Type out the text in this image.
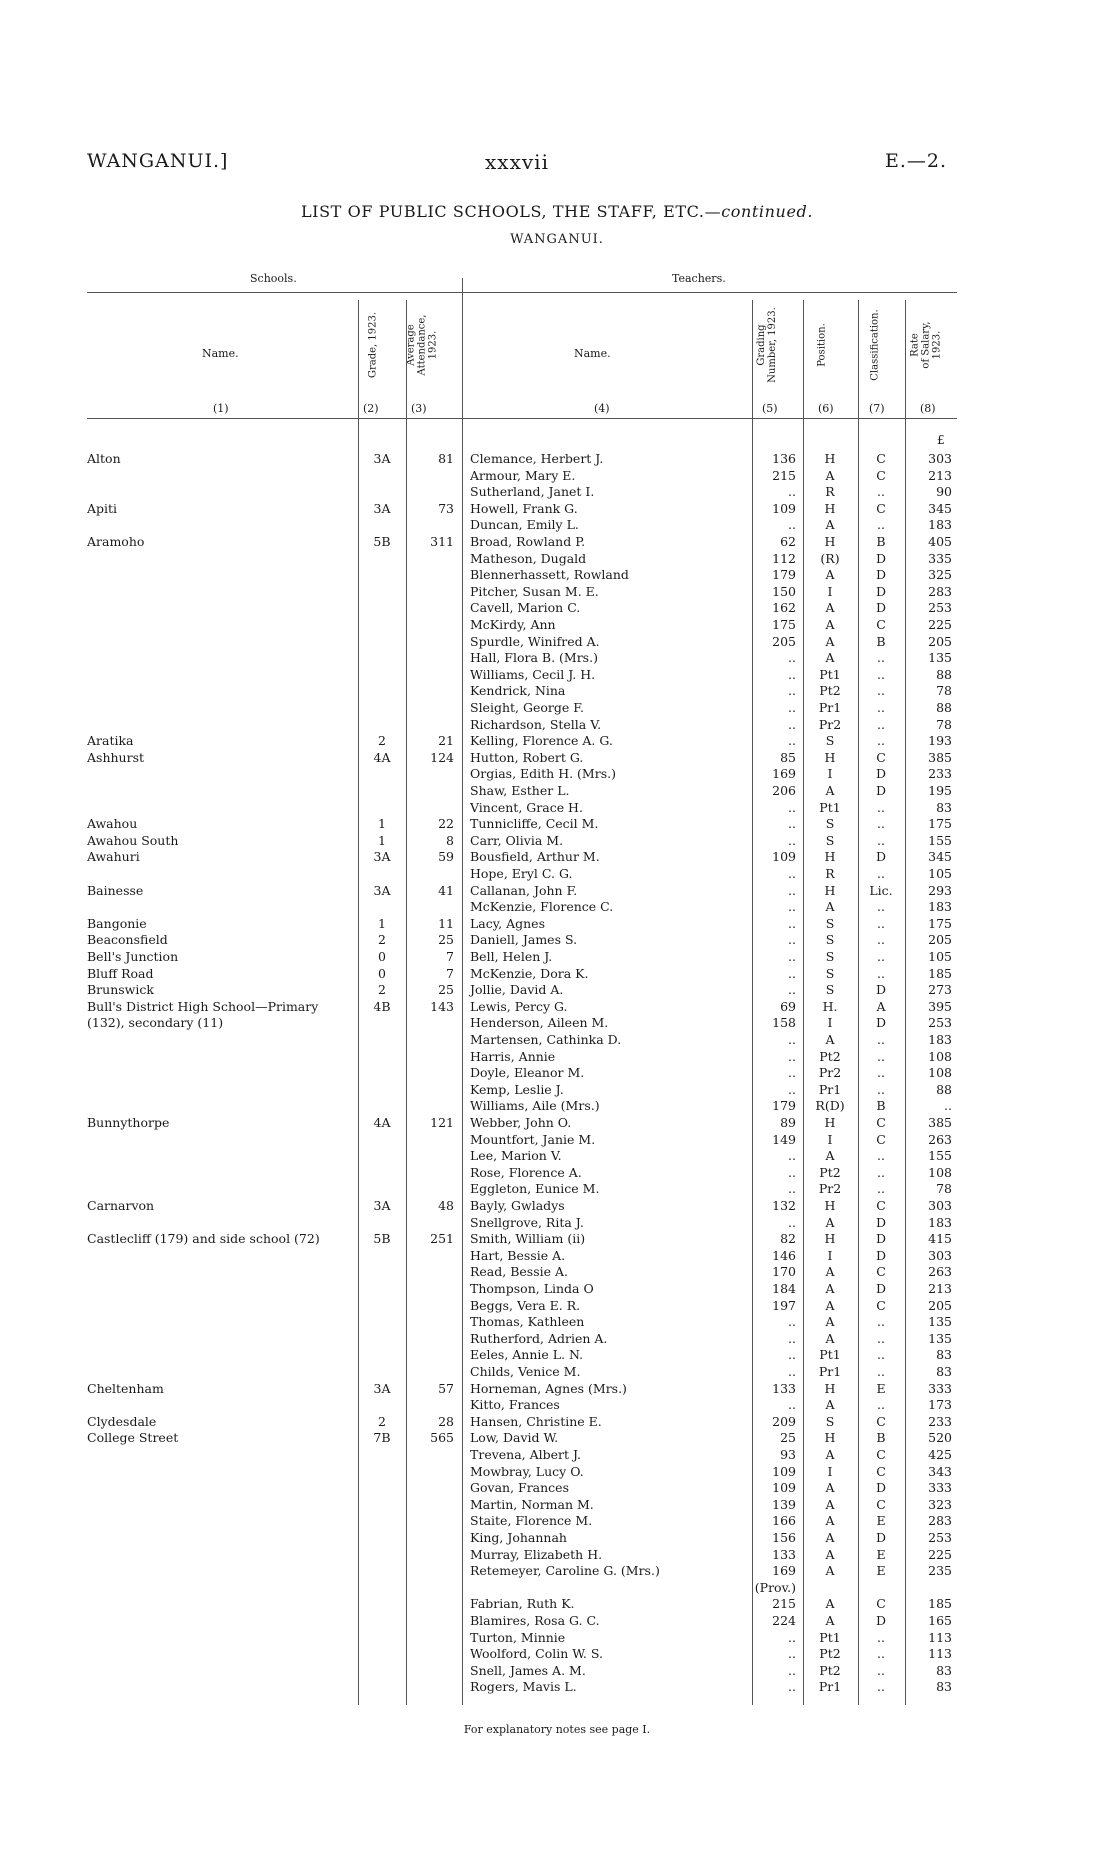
WANGANUI.]	xxxvii	E.—2.
LIST OF PUBLIC SCHOOLS, THE STAFF, ETC.—continued.
WANGANUI.
Schools.	Teachers.
Name.	Grade, 1923.	Average Attendance, 1923.	Name.	Grading Number, 1923.	Position.	Classification.	Rate of Salary, 1923.
(1)	(2)	(3)	(4)	(5)	(6)	(7)	(8)
£
Alton	3A	81 Clemance, Herbert J.	136	H	C	303
Armour, Mary E.	215	A	C	213
Sutherland, Janet I.	..	R	..	90
Apiti	3A	73 Howell, Frank G.	109	H	C	345
Duncan, Emily L.	..	A	..	183
Aramoho	5B	311 Broad, Rowland P.	62	H	B	405
Matheson, Dugald	112	(R)	D	335
Blennerhassett, Rowland	179	A	D	325
Pitcher, Susan M. E.	150	I	D	283
Cavell, Marion C.	162	A	D	253
McKirdy, Ann	175	A	C	225
Spurdle, Winifred A.	205	A	B	205
Hall, Flora B. (Mrs.)	..	A	..	135
Williams, Cecil J. H.	..	Pt1	..	88
Kendrick, Nina	..	Pt2	..	78
Sleight, George F.	..	Pr1	..	88
Richardson, Stella V.	..	Pr2	..	78
Aratika	2	21 Kelling, Florence A. G.	..	S	..	193
Ashhurst	4A	124 Hutton, Robert G.	85	H	C	385
Orgias, Edith H. (Mrs.)	169	I	D	233
Shaw, Esther L.	206	A	D	195
Vincent, Grace H.	..	Pt1	..	83
Awahou	1	22 Tunnicliffe, Cecil M.	..	S	..	175
Awahou South	1	8 Carr, Olivia M.	..	S	..	155
Awahuri	3A	59 Bousfield, Arthur M.	109	H	D	345
Hope, Eryl C. G.	..	R	..	105
Bainesse	3A	41 Callanan, John F.	..	H	Lic.	293
McKenzie, Florence C.	..	A	..	183
Bangonie	1	11 Lacy, Agnes	..	S	..	175
Beaconsfield	2	25 Daniell, James S.	..	S	..	205
Bell's Junction	0	7 Bell, Helen J.	..	S	..	105
Bluff Road	0	7 McKenzie, Dora K.	..	S	..	185
Brunswick	2	25 Jollie, David A.	..	S	D	273
Bull's District High School—Primary	4B	143 Lewis, Percy G.	69	H.	A	395
(132), secondary (11)	Henderson, Aileen M.	158	I	D	253
Martensen, Cathinka D.	..	A	..	183
Harris, Annie	..	Pt2	..	108
Doyle, Eleanor M.	..	Pr2	..	108
Kemp, Leslie J.	..	Pr1	..	88
Williams, Aile (Mrs.)	179	R(D)	B	..
Bunnythorpe	4A	121 Webber, John O.	89	H	C	385
Mountfort, Janie M.	149	I	C	263
Lee, Marion V.	..	A	..	155
Rose, Florence A.	..	Pt2	..	108
Eggleton, Eunice M.	..	Pr2	..	78
Carnarvon	3A	48 Bayly, Gwladys	132	H	C	303
Snellgrove, Rita J.	..	A	D	183
Castlecliff (179) and side school (72)	5B	251 Smith, William (ii)	82	H	D	415
Hart, Bessie A.	146	I	D	303
Read, Bessie A.	170	A	C	263
Thompson, Linda O	184	A	D	213
Beggs, Vera E. R.	197	A	C	205
Thomas, Kathleen	..	A	..	135
Rutherford, Adrien A.	..	A	..	135
Eeles, Annie L. N.	..	Pt1	..	83
Childs, Venice M.	..	Pr1	..	83
Cheltenham	3A	57 Horneman, Agnes (Mrs.)	133	H	E	333
Kitto, Frances	..	A	..	173
Clydesdale	2	28 Hansen, Christine E.	209	S	C	233
College Street	7B	565 Low, David W.	25	H	B	520
Trevena, Albert J.	93	A	C	425
Mowbray, Lucy O.	109	I	C	343
Govan, Frances	109	A	D	333
Martin, Norman M.	139	A	C	323
Staite, Florence M.	166	A	E	283
King, Johannah	156	A	D	253
Murray, Elizabeth H.	133	A	E	225
Retemeyer, Caroline G. (Mrs.)	169	A	E	235
(Prov.)
Fabrian, Ruth K.	215	A	C	185
Blamires, Rosa G. C.	224	A	D	165
Turton, Minnie	..	Pt1	..	113
Woolford, Colin W. S.	..	Pt2	..	113
Snell, James A. M.	..	Pt2	..	83
Rogers, Mavis L.	..	Pr1	..	83
For explanatory notes see page I.
